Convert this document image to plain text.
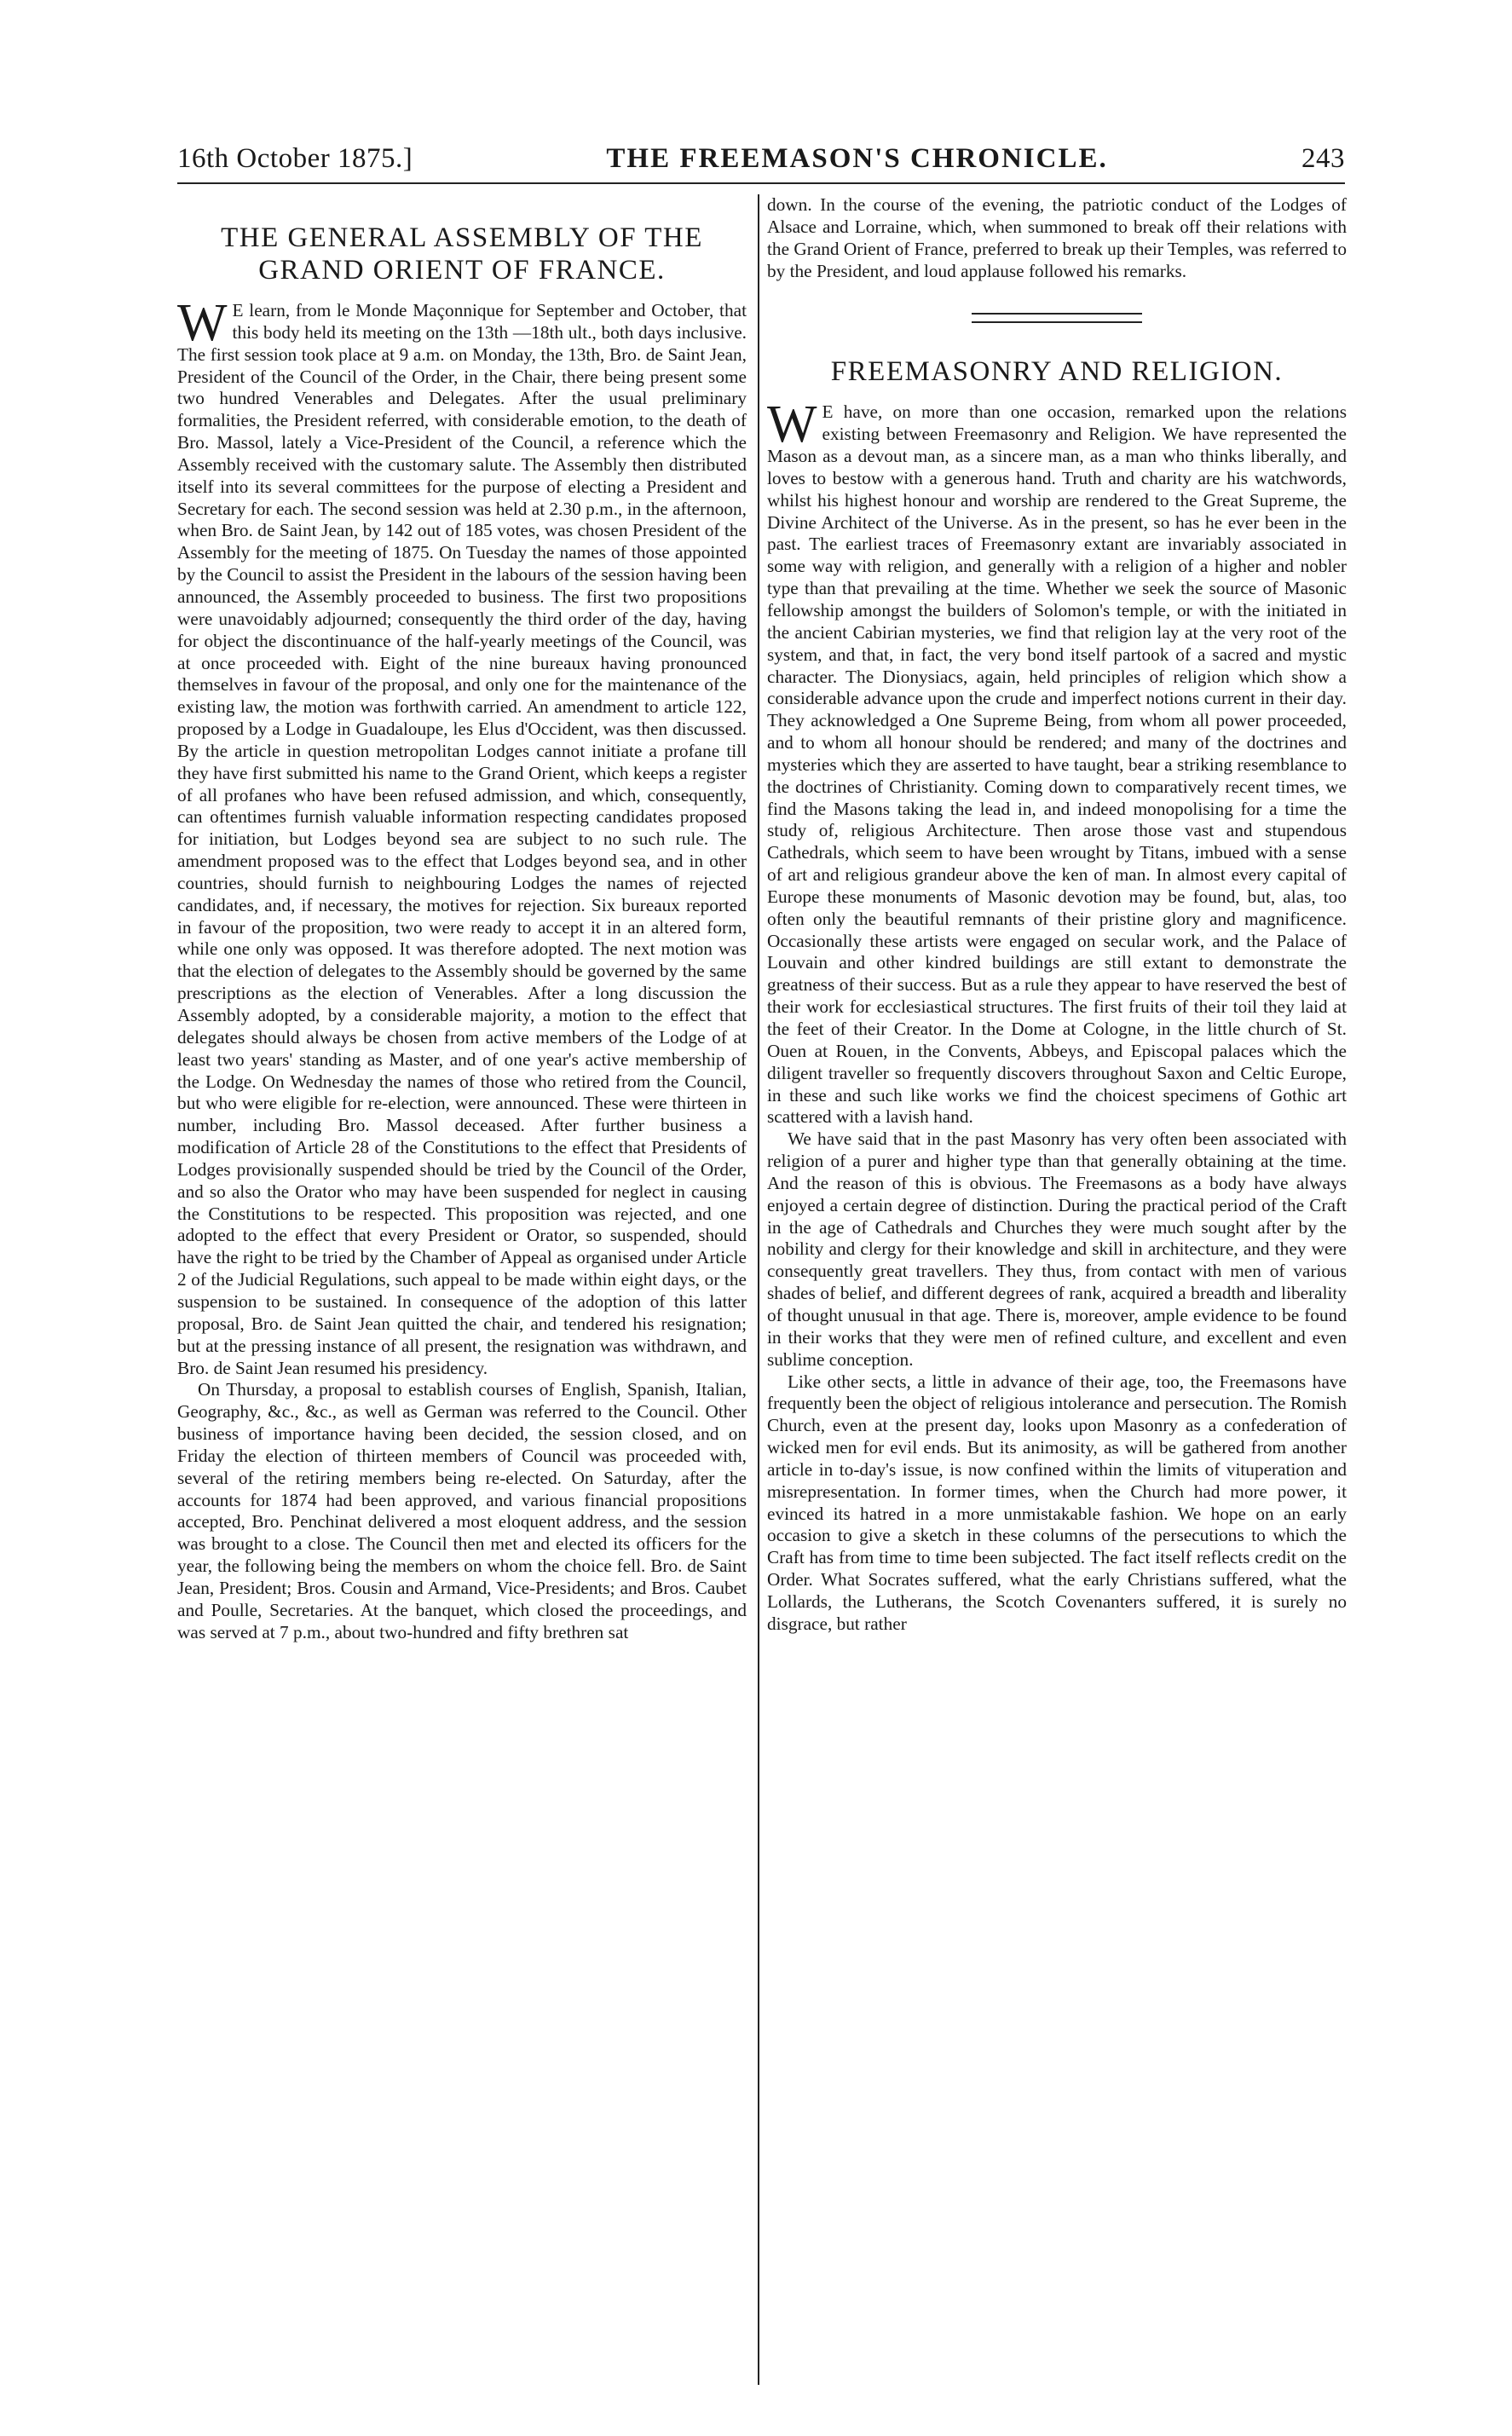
16th October 1875.]	THE FREEMASON'S CHRONICLE.	243
THE GENERAL ASSEMBLY OF THE
GRAND ORIENT OF FRANCE.

W E learn, from le Monde Maçonnique for September and October, that this body held its meeting on the 13th —18th ult., both days inclusive. The first session took place at 9 a.m. on Monday, the 13th, Bro. de Saint Jean, President of the Council of the Order, in the Chair, there being present some two hundred Venerables and Delegates. After the usual preliminary formalities, the President referred, with considerable emotion, to the death of Bro. Massol, lately a Vice-President of the Council, a reference which the Assembly received with the customary salute. The Assembly then distributed itself into its several committees for the purpose of electing a President and Secretary for each. The second session was held at 2.30 p.m., in the afternoon, when Bro. de Saint Jean, by 142 out of 185 votes, was chosen President of the Assembly for the meeting of 1875. On Tuesday the names of those appointed by the Council to assist the President in the labours of the session having been announced, the Assembly proceeded to business. The first two propositions were unavoidably adjourned; consequently the third order of the day, having for object the discontinuance of the half-yearly meetings of the Council, was at once proceeded with. Eight of the nine bureaux having pronounced themselves in favour of the proposal, and only one for the maintenance of the existing law, the motion was forthwith carried. An amendment to article 122, proposed by a Lodge in Guadaloupe, les Elus d'Occident, was then discussed. By the article in question metropolitan Lodges cannot initiate a profane till they have first submitted his name to the Grand Orient, which keeps a register of all profanes who have been refused admission, and which, consequently, can oftentimes furnish valuable information respecting candidates proposed for initiation, but Lodges beyond sea are subject to no such rule. The amendment proposed was to the effect that Lodges beyond sea, and in other countries, should furnish to neighbouring Lodges the names of rejected candidates, and, if necessary, the motives for rejection. Six bureaux reported in favour of the proposition, two were ready to accept it in an altered form, while one only was opposed. It was therefore adopted. The next motion was that the election of delegates to the Assembly should be governed by the same prescriptions as the election of Venerables. After a long discussion the Assembly adopted, by a considerable majority, a motion to the effect that delegates should always be chosen from active members of the Lodge of at least two years' standing as Master, and of one year's active membership of the Lodge. On Wednesday the names of those who retired from the Council, but who were eligible for re-election, were announced. These were thirteen in number, including Bro. Massol deceased. After further business a modification of Article 28 of the Constitutions to the effect that Presidents of Lodges provisionally suspended should be tried by the Council of the Order, and so also the Orator who may have been suspended for neglect in causing the Constitutions to be respected. This proposition was rejected, and one adopted to the effect that every President or Orator, so suspended, should have the right to be tried by the Chamber of Appeal as organised under Article 2 of the Judicial Regulations, such appeal to be made within eight days, or the suspension to be sustained. In consequence of the adoption of this latter proposal, Bro. de Saint Jean quitted the chair, and tendered his resignation; but at the pressing instance of all present, the resignation was withdrawn, and Bro. de Saint Jean resumed his presidency.

On Thursday, a proposal to establish courses of English, Spanish, Italian, Geography, &c., &c., as well as German was referred to the Council. Other business of importance having been decided, the session closed, and on Friday the election of thirteen members of Council was proceeded with, several of the retiring members being re-elected. On Saturday, after the accounts for 1874 had been approved, and various financial propositions accepted, Bro. Penchinat delivered a most eloquent address, and the session was brought to a close. The Council then met and elected its officers for the year, the following being the members on whom the choice fell. Bro. de Saint Jean, President; Bros. Cousin and Armand, Vice-Presidents; and Bros. Caubet and Poulle, Secretaries. At the banquet, which closed the proceedings, and was served at 7 p.m., about two-hundred and fifty brethren sat

down. In the course of the evening, the patriotic conduct of the Lodges of Alsace and Lorraine, which, when summoned to break off their relations with the Grand Orient of France, preferred to break up their Temples, was referred to by the President, and loud applause followed his remarks.

FREEMASONRY AND RELIGION.

W E have, on more than one occasion, remarked upon the relations existing between Freemasonry and Religion. We have represented the Mason as a devout man, as a sincere man, as a man who thinks liberally, and loves to bestow with a generous hand. Truth and charity are his watchwords, whilst his highest honour and worship are rendered to the Great Supreme, the Divine Architect of the Universe. As in the present, so has he ever been in the past. The earliest traces of Freemasonry extant are invariably associated in some way with religion, and generally with a religion of a higher and nobler type than that prevailing at the time. Whether we seek the source of Masonic fellowship amongst the builders of Solomon's temple, or with the initiated in the ancient Cabirian mysteries, we find that religion lay at the very root of the system, and that, in fact, the very bond itself partook of a sacred and mystic character. The Dionysiacs, again, held principles of religion which show a considerable advance upon the crude and imperfect notions current in their day. They acknowledged a One Supreme Being, from whom all power proceeded, and to whom all honour should be rendered; and many of the doctrines and mysteries which they are asserted to have taught, bear a striking resemblance to the doctrines of Christianity. Coming down to comparatively recent times, we find the Masons taking the lead in, and indeed monopolising for a time the study of, religious Architecture. Then arose those vast and stupendous Cathedrals, which seem to have been wrought by Titans, imbued with a sense of art and religious grandeur above the ken of man. In almost every capital of Europe these monuments of Masonic devotion may be found, but, alas, too often only the beautiful remnants of their pristine glory and magnificence. Occasionally these artists were engaged on secular work, and the Palace of Louvain and other kindred buildings are still extant to demonstrate the greatness of their success. But as a rule they appear to have reserved the best of their work for ecclesiastical structures. The first fruits of their toil they laid at the feet of their Creator. In the Dome at Cologne, in the little church of St. Ouen at Rouen, in the Convents, Abbeys, and Episcopal palaces which the diligent traveller so frequently discovers throughout Saxon and Celtic Europe, in these and such like works we find the choicest specimens of Gothic art scattered with a lavish hand.

We have said that in the past Masonry has very often been associated with religion of a purer and higher type than that generally obtaining at the time. And the reason of this is obvious. The Freemasons as a body have always enjoyed a certain degree of distinction. During the practical period of the Craft in the age of Cathedrals and Churches they were much sought after by the nobility and clergy for their knowledge and skill in architecture, and they were consequently great travellers. They thus, from contact with men of various shades of belief, and different degrees of rank, acquired a breadth and liberality of thought unusual in that age. There is, moreover, ample evidence to be found in their works that they were men of refined culture, and excellent and even sublime conception.

Like other sects, a little in advance of their age, too, the Freemasons have frequently been the object of religious intolerance and persecution. The Romish Church, even at the present day, looks upon Masonry as a confederation of wicked men for evil ends. But its animosity, as will be gathered from another article in to-day's issue, is now confined within the limits of vituperation and misrepresentation. In former times, when the Church had more power, it evinced its hatred in a more unmistakable fashion. We hope on an early occasion to give a sketch in these columns of the persecutions to which the Craft has from time to time been subjected. The fact itself reflects credit on the Order. What Socrates suffered, what the early Christians suffered, what the Lollards, the Lutherans, the Scotch Covenanters suffered, it is surely no disgrace, but rather
